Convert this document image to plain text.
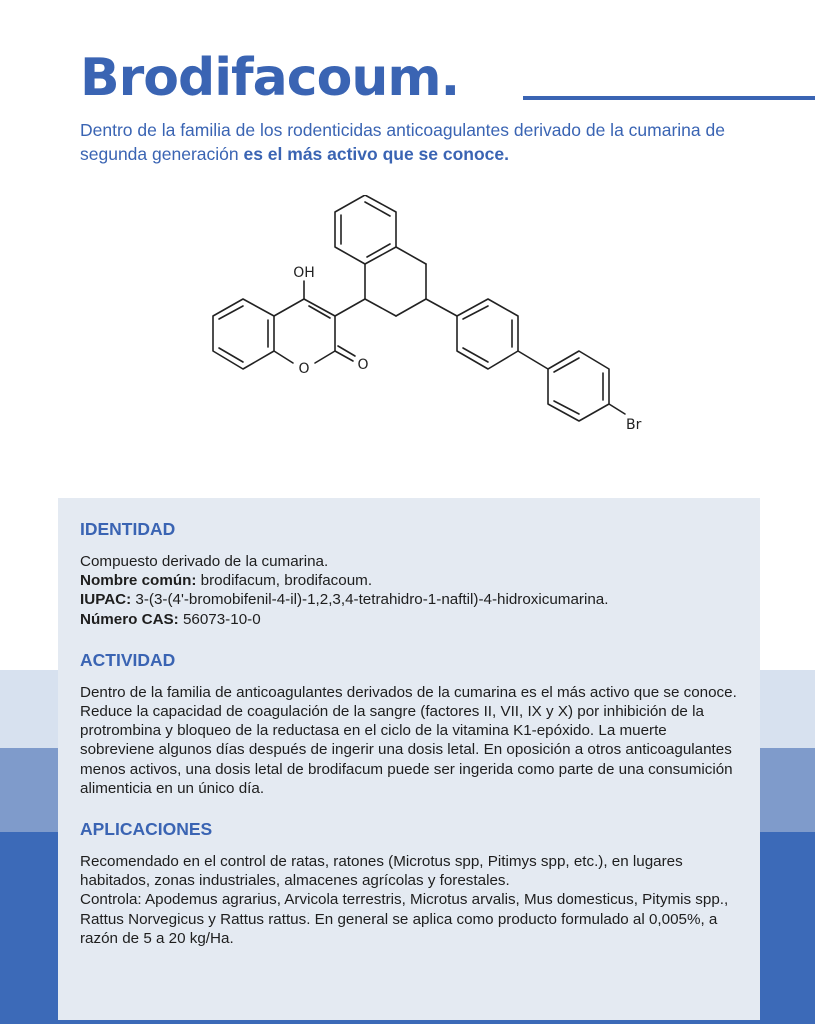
Brodifacoum.
Dentro de la familia de los rodenticidas anticoagulantes derivado de la cumarina de segunda generación es el más activo que se conoce.
OH
O	O
Br
IDENTIDAD
Compuesto derivado de la cumarina.
Nombre común: brodifacum, brodifacoum.
IUPAC: 3-(3-(4'-bromobifenil-4-il)-1,2,3,4-tetrahidro-1-naftil)-4-hidroxicumarina.
Número CAS: 56073-10-0
ACTIVIDAD
Dentro de la familia de anticoagulantes derivados de la cumarina es el más activo que se conoce. Reduce la capacidad de coagulación de la sangre (factores II, VII, IX y X) por inhibición de la protrombina y bloqueo de la reductasa en el ciclo de la vitamina K1-epóxido. La muerte sobreviene algunos días después de ingerir una dosis letal. En oposición a otros anticoagulantes menos activos, una dosis letal de brodifacum puede ser ingerida como parte de una consumición alimenticia en un único día.
APLICACIONES
Recomendado en el control de ratas, ratones (Microtus spp, Pitimys spp, etc.), en lugares habitados, zonas industriales, almacenes agrícolas y forestales.
Controla: Apodemus agrarius, Arvicola terrestris, Microtus arvalis, Mus domesticus, Pitymis spp., Rattus Norvegicus y Rattus rattus. En general se aplica como producto formulado al 0,005%, a razón de 5 a 20 kg/Ha.
